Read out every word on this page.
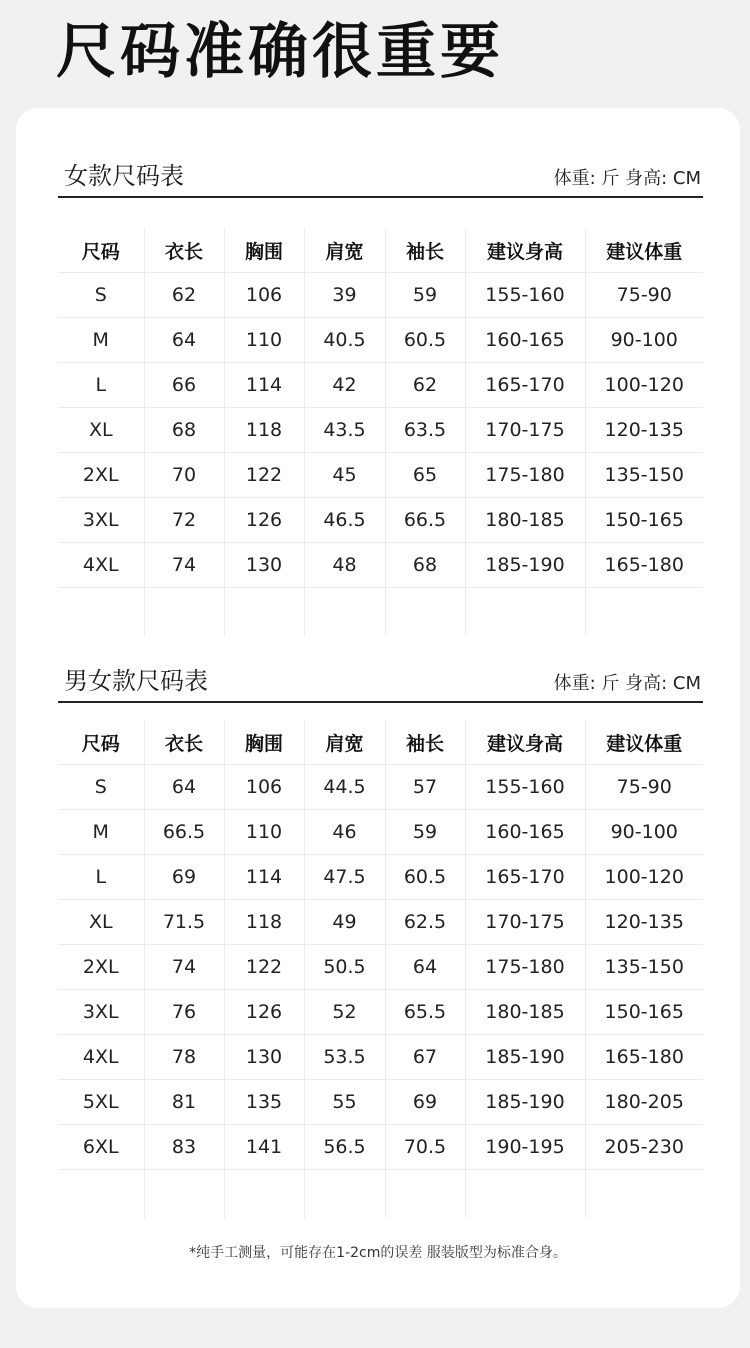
尺码准确很重要
女款尺码表	体重: 斤 身高: CM
尺码	衣长	胸围	肩宽	袖长	建议身高	建议体重
S	62	106	39	59	155-160	75-90
M	64	110	40.5	60.5	160-165	90-100
L	66	114	42	62	165-170	100-120
XL	68	118	43.5	63.5	170-175	120-135
2XL	70	122	45	65	175-180	135-150
3XL	72	126	46.5	66.5	180-185	150-165
4XL	74	130	48	68	185-190	165-180

男女款尺码表	体重: 斤 身高: CM
尺码	衣长	胸围	肩宽	袖长	建议身高	建议体重
S	64	106	44.5	57	155-160	75-90
M	66.5	110	46	59	160-165	90-100
L	69	114	47.5	60.5	165-170	100-120
XL	71.5	118	49	62.5	170-175	120-135
2XL	74	122	50.5	64	175-180	135-150
3XL	76	126	52	65.5	180-185	150-165
4XL	78	130	53.5	67	185-190	165-180
5XL	81	135	55	69	185-190	180-205
6XL	83	141	56.5	70.5	190-195	205-230

*纯手工测量，可能存在1-2cm的误差 服装版型为标准合身。
